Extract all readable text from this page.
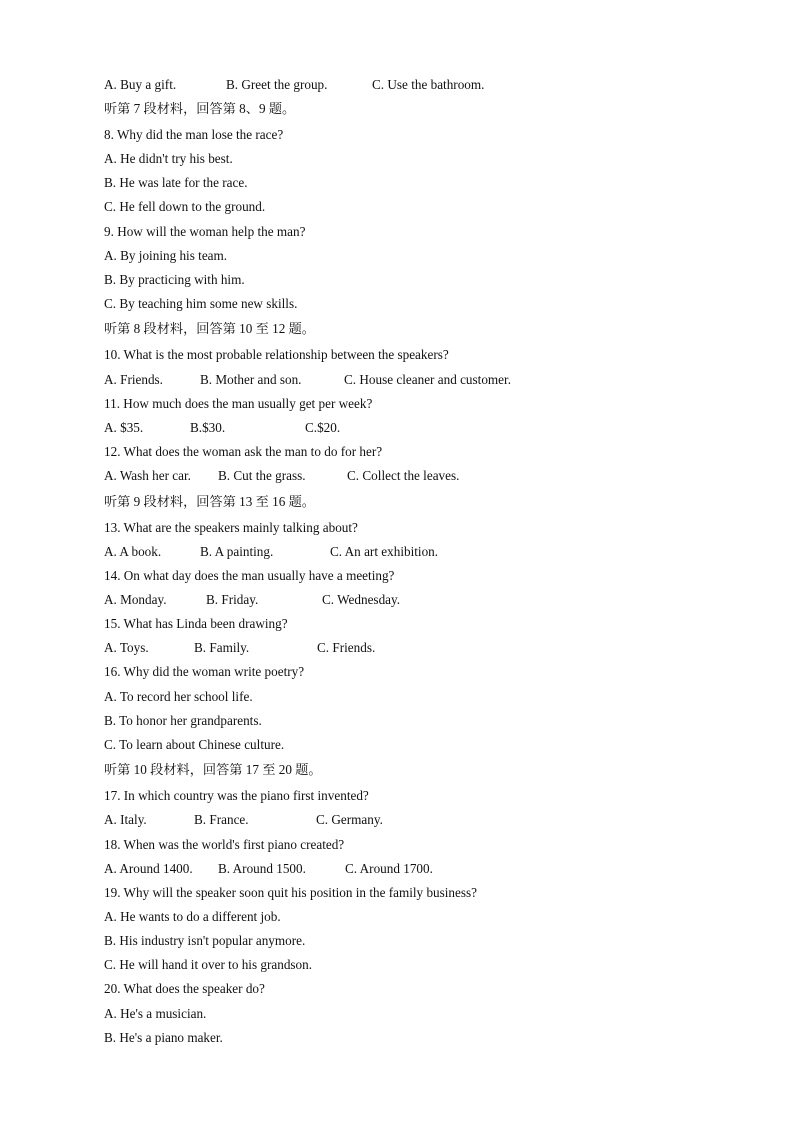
A. Buy a gift.	B. Greet the group.	C. Use the bathroom.
听第 7 段材料，回答第 8、9 题。
8. Why did the man lose the race?
A. He didn't try his best.
B. He was late for the race.
C. He fell down to the ground.
9. How will the woman help the man?
A. By joining his team.
B. By practicing with him.
C. By teaching him some new skills.
听第 8 段材料，回答第 10 至 12 题。
10. What is the most probable relationship between the speakers?
A. Friends.	B. Mother and son.	C. House cleaner and customer.
11. How much does the man usually get per week?
A. $35.	B.$30.	C.$20.
12. What does the woman ask the man to do for her?
A. Wash her car. B. Cut the grass.	C. Collect the leaves.
听第 9 段材料，回答第 13 至 16 题。
13. What are the speakers mainly talking about?
A. A book.	B. A painting.	C. An art exhibition.
14. On what day does the man usually have a meeting?
A. Monday.	B. Friday.	C. Wednesday.
15. What has Linda been drawing?
A. Toys.	B. Family.	C. Friends.
16. Why did the woman write poetry?
A. To record her school life.
B. To honor her grandparents.
C. To learn about Chinese culture.
听第 10 段材料，回答第 17 至 20 题。
17. In which country was the piano first invented?
A. Italy.	B. France.	C. Germany.
18. When was the world's first piano created?
A. Around 1400. B. Around 1500.	C. Around 1700.
19. Why will the speaker soon quit his position in the family business?
A. He wants to do a different job.
B. His industry isn't popular anymore.
C. He will hand it over to his grandson.
20. What does the speaker do?
A. He's a musician.
B. He's a piano maker.
